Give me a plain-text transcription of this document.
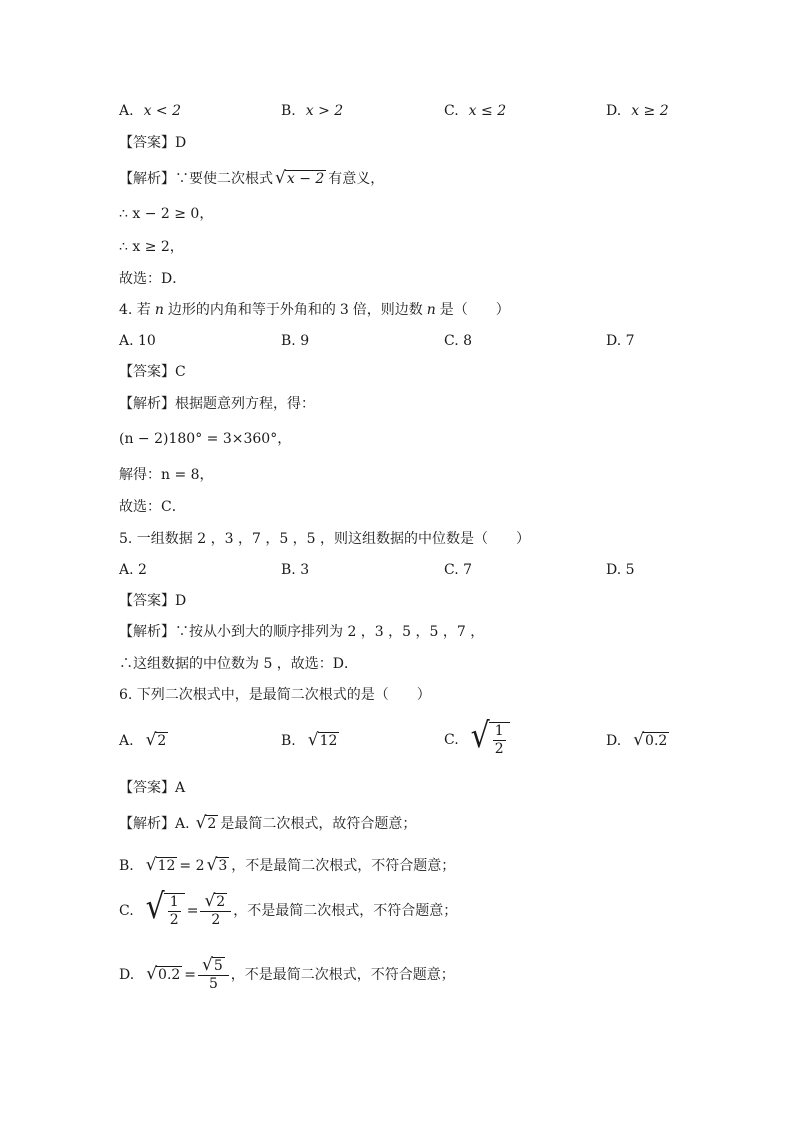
A. x < 2	B. x > 2	C. x ≤ 2	D. x ≥ 2
【答案】D
【解析】∵要使二次根式 √ x − 2 有意义，
∴ x − 2 ≥ 0，
∴ x ≥ 2，
故选：D．
4. 若 n 边形的内角和等于外角和的 3 倍，则边数 n 是（　　）
A. 10	B. 9	C. 8	D. 7
【答案】C
【解析】根据题意列方程，得：
(n − 2)180° = 3×360°，
解得：n = 8，
故选：C．
5. 一组数据 2 ，3 ，7 ，5 ，5 ，则这组数据的中位数是（　　）
A. 2	B. 3	C. 7	D. 5
【答案】D
【解析】∵按从小到大的顺序排列为 2 ，3 ，5 ，5 ，7 ，
∴这组数据的中位数为 5 ，故选：D．
6. 下列二次根式中，是最简二次根式的是（　　）
A. √ 2	B. √ 12	C. √ $\frac{1}{2}$	D. √ 0.2
【答案】A
【解析】A. √ 2 是最简二次根式，故符合题意；
B. √ 12 = 2 √ 3 ，不是最简二次根式，不符合题意；
C. √ $\frac{1}{2} = \frac{√ 2}{2}$ ，不是最简二次根式，不符合题意；
D. √ $0.2 = \frac{√ 5}{5}$ ，不是最简二次根式，不符合题意；
